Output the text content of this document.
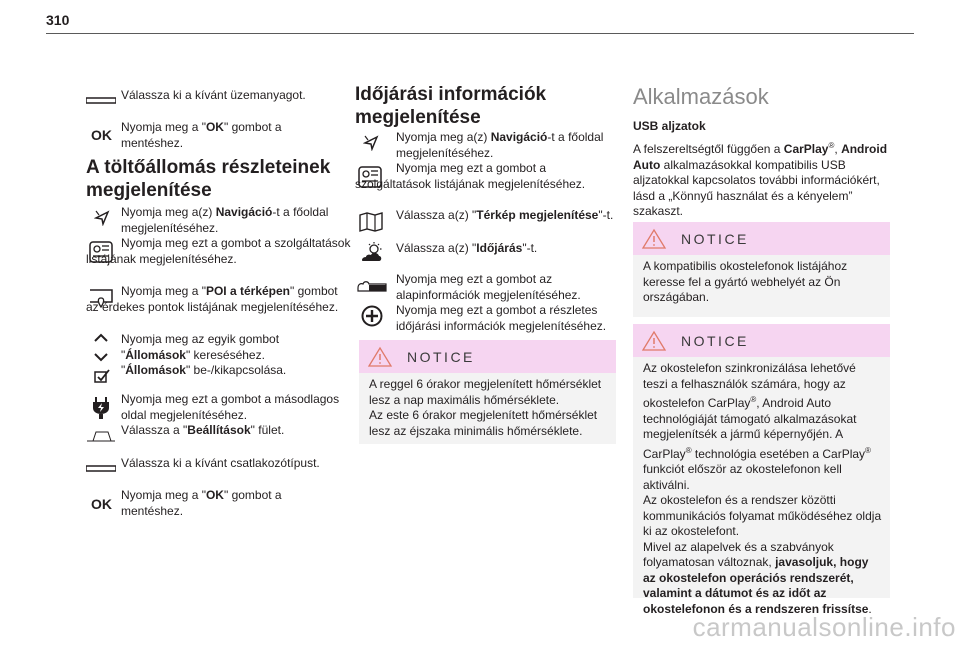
310
Válassza ki a kívánt üzemanyagot.
OK Nyomja meg a "OK" gombot a mentéshez.
A töltőállomás részleteinek
megjelenítése
Nyomja meg a(z) Navigáció-t a főoldal megjelenítéséhez.
Nyomja meg ezt a gombot a szolgáltatások listájának megjelenítéséhez.
Nyomja meg a "POI a térképen" gombot az érdekes pontok listájának megjelenítéséhez.
Nyomja meg az egyik gombot
"Állomások" kereséséhez.
"Állomások" be-/kikapcsolása.
Nyomja meg ezt a gombot a másodlagos oldal megjelenítéséhez.
Válassza a "Beállítások" fület.
Válassza ki a kívánt csatlakozótípust.
OK
Nyomja meg a "OK" gombot a mentéshez.
Időjárási információk
megjelenítése
Nyomja meg a(z) Navigáció-t a főoldal megjelenítéséhez.
Nyomja meg ezt a gombot a szolgáltatások listájának megjelenítéséhez.
Válassza a(z) "Térkép megjelenítése"-t.
Válassza a(z) "Időjárás"-t.
Nyomja meg ezt a gombot az alapinformációk megjelenítéséhez.
Nyomja meg ezt a gombot a részletes időjárási információk megjelenítéséhez.
NOTICE
A reggel 6 órakor megjelenített hőmérséklet lesz a nap maximális hőmérséklete.
Az este 6 órakor megjelenített hőmérséklet lesz az éjszaka minimális hőmérséklete.
Alkalmazások
USB aljzatok
A felszereltségtől függően a CarPlay®, Android Auto alkalmazásokkal kompatibilis USB aljzatokkal kapcsolatos további információkért, lásd a „Könnyű használat és a kényelem” szakaszt.
NOTICE
A kompatibilis okostelefonok listájához keresse fel a gyártó webhelyét az Ön országában.
NOTICE
Az okostelefon szinkronizálása lehetővé teszi a felhasználók számára, hogy az okostelefon CarPlay®, Android Auto technológiáját támogató alkalmazásokat megjelenítsék a jármű képernyőjén. A CarPlay® technológia esetében a CarPlay® funkciót először az okostelefonon kell aktiválni.
Az okostelefon és a rendszer közötti kommunikációs folyamat működéséhez oldja ki az okostelefont.
Mivel az alapelvek és a szabványok folyamatosan változnak, javasoljuk, hogy az okostelefon operációs rendszerét, valamint a dátumot és az időt az okostelefonon és a rendszeren frissítse.
carmanualsonline.info
